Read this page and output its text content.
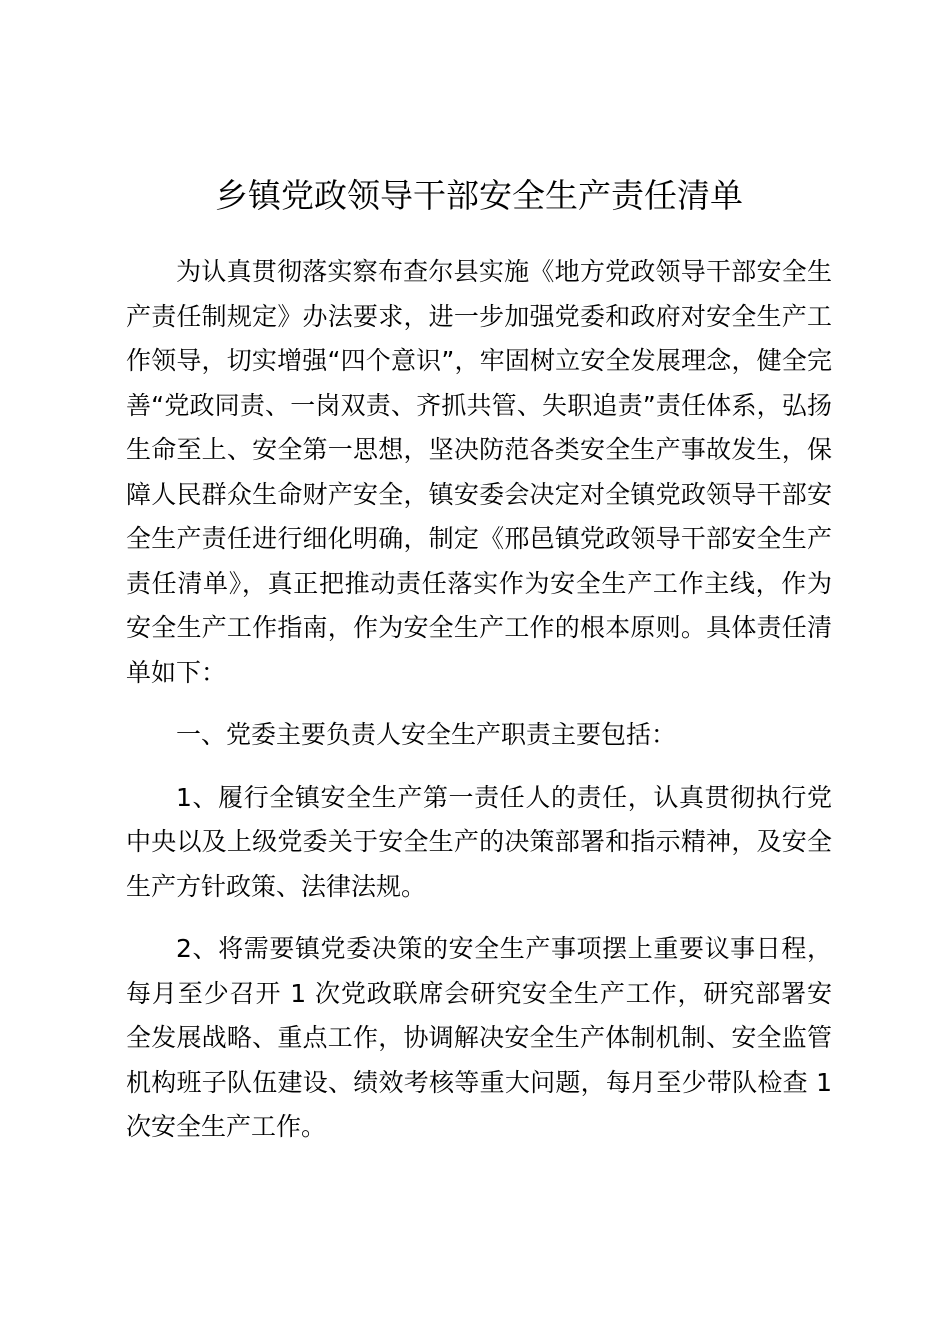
乡镇党政领导干部安全生产责任清单

为认真贯彻落实察布查尔县实施《地方党政领导干部安全生产责任制规定》办法要求，进一步加强党委和政府对安全生产工作领导，切实增强“四个意识”，牢固树立安全发展理念，健全完善“党政同责、一岗双责、齐抓共管、失职追责”责任体系，弘扬生命至上、安全第一思想，坚决防范各类安全生产事故发生，保障人民群众生命财产安全，镇安委会决定对全镇党政领导干部安全生产责任进行细化明确，制定《邢邑镇党政领导干部安全生产责任清单》，真正把推动责任落实作为安全生产工作主线，作为安全生产工作指南，作为安全生产工作的根本原则。具体责任清单如下：

一、党委主要负责人安全生产职责主要包括：

1、履行全镇安全生产第一责任人的责任，认真贯彻执行党中央以及上级党委关于安全生产的决策部署和指示精神，及安全生产方针政策、法律法规。

2、将需要镇党委决策的安全生产事项摆上重要议事日程，每月至少召开 1 次党政联席会研究安全生产工作，研究部署安全发展战略、重点工作，协调解决安全生产体制机制、安全监管机构班子队伍建设、绩效考核等重大问题，每月至少带队检查 1 次安全生产工作。
